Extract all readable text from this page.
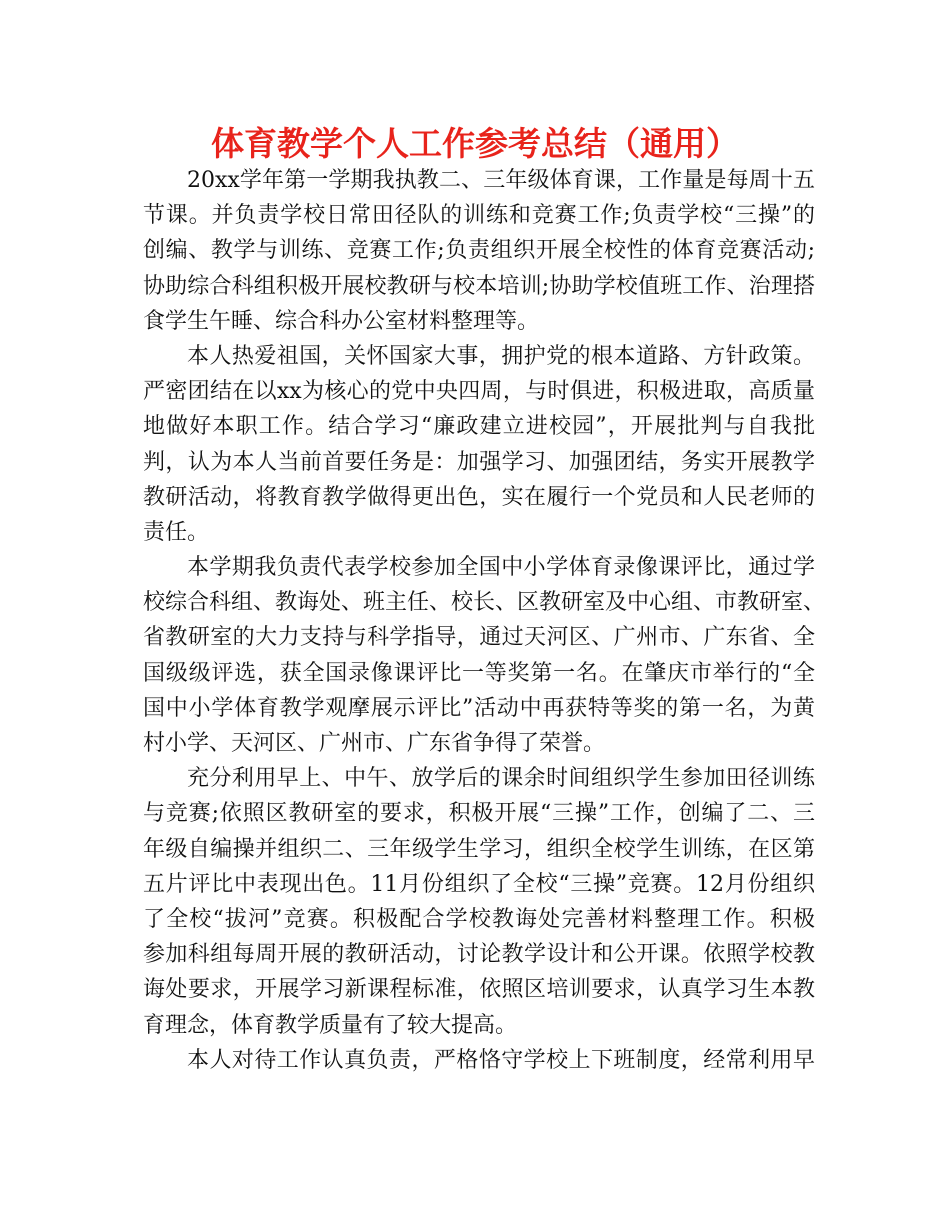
体育教学个人工作参考总结（通用）
20xx学年第一学期我执教二、三年级体育课，工作量是每周十五
节课。并负责学校日常田径队的训练和竞赛工作;负责学校“三操”的
创编、教学与训练、竞赛工作;负责组织开展全校性的体育竞赛活动;
协助综合科组积极开展校教研与校本培训;协助学校值班工作、治理搭
食学生午睡、综合科办公室材料整理等。
本人热爱祖国，关怀国家大事，拥护党的根本道路、方针政策。
严密团结在以xx为核心的党中央四周，与时俱进，积极进取，高质量
地做好本职工作。结合学习“廉政建立进校园”，开展批判与自我批
判，认为本人当前首要任务是：加强学习、加强团结，务实开展教学
教研活动，将教育教学做得更出色，实在履行一个党员和人民老师的
责任。
本学期我负责代表学校参加全国中小学体育录像课评比，通过学
校综合科组、教诲处、班主任、校长、区教研室及中心组、市教研室、
省教研室的大力支持与科学指导，通过天河区、广州市、广东省、全
国级级评选，获全国录像课评比一等奖第一名。在肇庆市举行的“全
国中小学体育教学观摩展示评比”活动中再获特等奖的第一名，为黄
村小学、天河区、广州市、广东省争得了荣誉。
充分利用早上、中午、放学后的课余时间组织学生参加田径训练
与竞赛;依照区教研室的要求，积极开展“三操”工作，创编了二、三
年级自编操并组织二、三年级学生学习，组织全校学生训练，在区第
五片评比中表现出色。11月份组织了全校“三操”竞赛。12月份组织
了全校“拔河”竞赛。积极配合学校教诲处完善材料整理工作。积极
参加科组每周开展的教研活动，讨论教学设计和公开课。依照学校教
诲处要求，开展学习新课程标准，依照区培训要求，认真学习生本教
育理念，体育教学质量有了较大提高。
本人对待工作认真负责，严格恪守学校上下班制度，经常利用早
